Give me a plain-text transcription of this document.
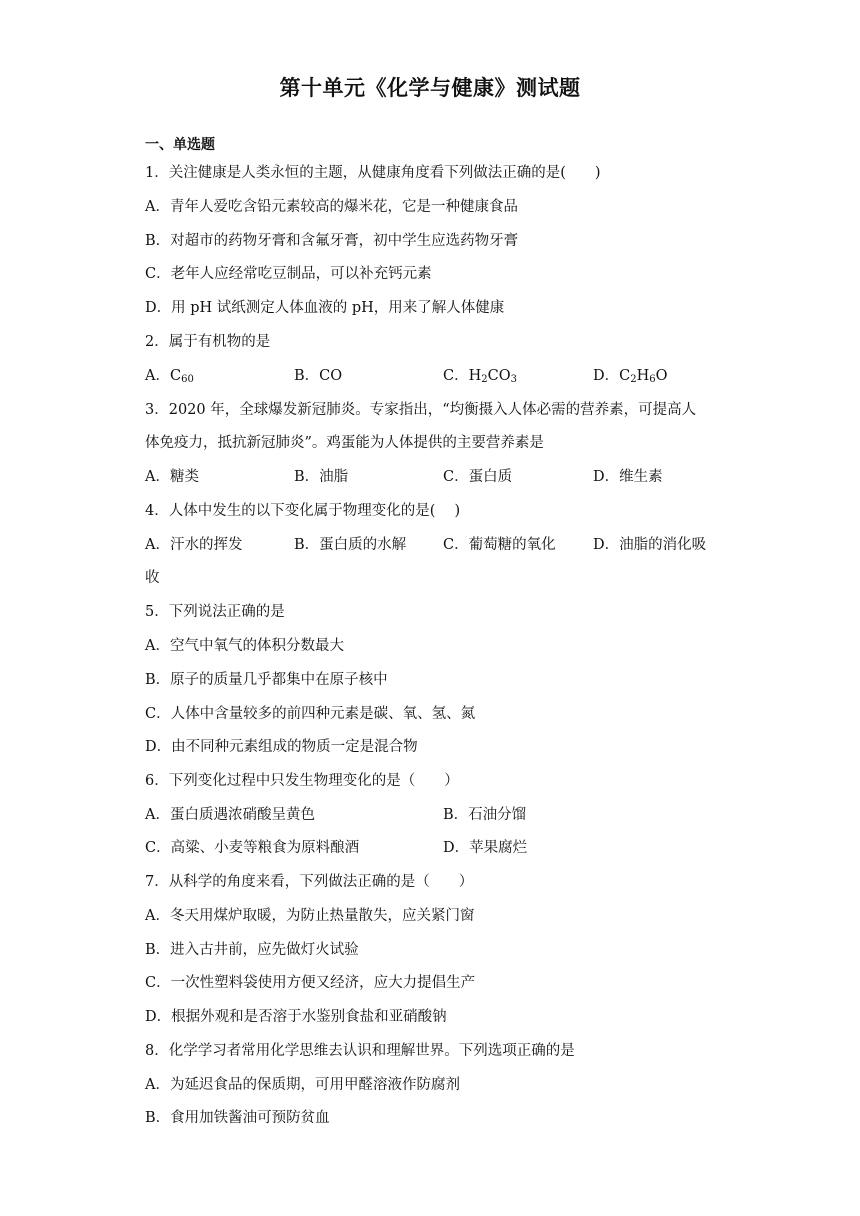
第十单元《化学与健康》测试题
一、单选题
1．关注健康是人类永恒的主题，从健康角度看下列做法正确的是(　　)
A．青年人爱吃含铅元素较高的爆米花，它是一种健康食品
B．对超市的药物牙膏和含氟牙膏，初中学生应选药物牙膏
C．老年人应经常吃豆制品，可以补充钙元素
D．用 pH 试纸测定人体血液的 pH，用来了解人体健康
2．属于有机物的是
A．$C_{60}$	B．CO	C．$H_2CO_3$	D．$C_2H_6O$
3．2020 年，全球爆发新冠肺炎。专家指出，“均衡摄入人体必需的营养素，可提高人
体免疫力，抵抗新冠肺炎”。鸡蛋能为人体提供的主要营养素是
A．糖类	B．油脂	C．蛋白质	D．维生素
4．人体中发生的以下变化属于物理变化的是(　 )
A．汗水的挥发	B．蛋白质的水解	C．葡萄糖的氧化	D．油脂的消化吸
收
5．下列说法正确的是
A．空气中氧气的体积分数最大
B．原子的质量几乎都集中在原子核中
C．人体中含量较多的前四种元素是碳、氧、氢、氮
D．由不同种元素组成的物质一定是混合物
6．下列变化过程中只发生物理变化的是（　　）
A．蛋白质遇浓硝酸呈黄色	B．石油分馏
C．高粱、小麦等粮食为原料酿酒	D．苹果腐烂
7．从科学的角度来看，下列做法正确的是（　　）
A．冬天用煤炉取暖，为防止热量散失，应关紧门窗
B．进入古井前，应先做灯火试验
C．一次性塑料袋使用方便又经济，应大力提倡生产
D．根据外观和是否溶于水鉴别食盐和亚硝酸钠
8．化学学习者常用化学思维去认识和理解世界。下列选项正确的是
A．为延迟食品的保质期，可用甲醛溶液作防腐剂
B．食用加铁酱油可预防贫血
